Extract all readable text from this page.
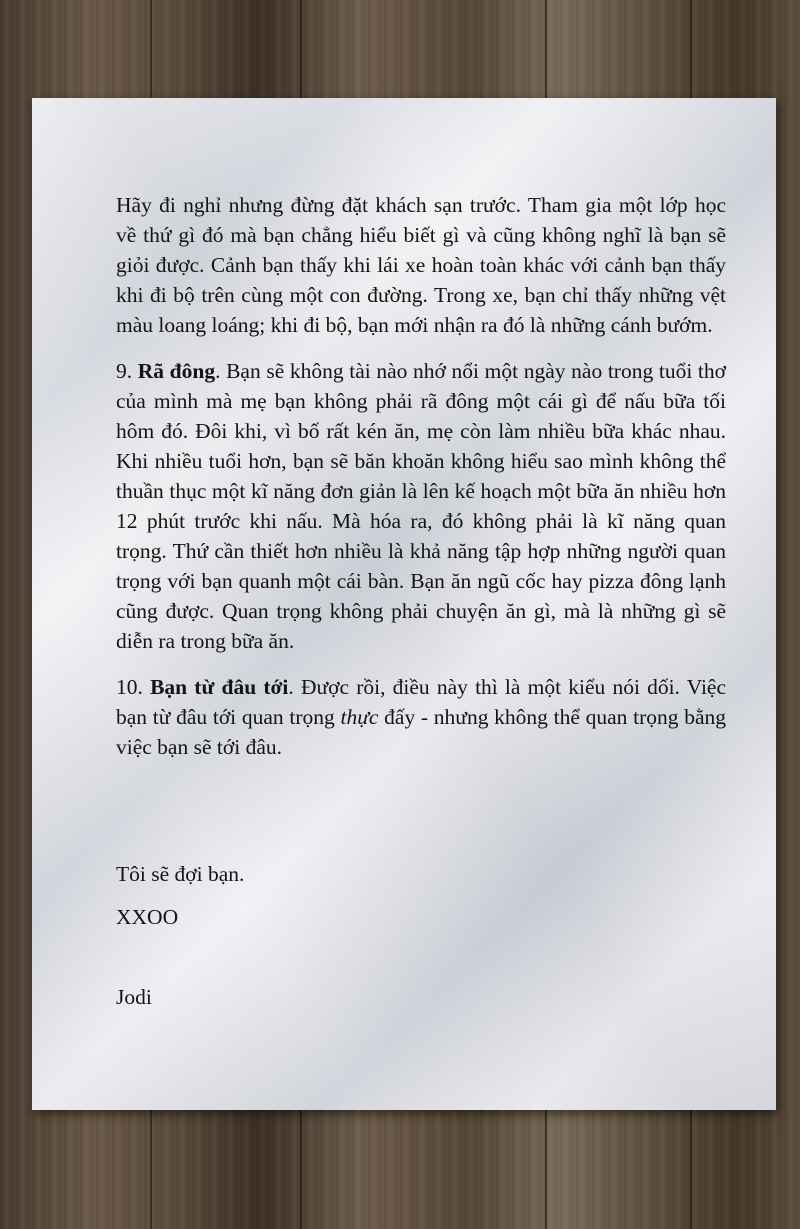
Hãy đi nghỉ nhưng đừng đặt khách sạn trước. Tham gia một lớp học về thứ gì đó mà bạn chẳng hiểu biết gì và cũng không nghĩ là bạn sẽ giỏi được. Cảnh bạn thấy khi lái xe hoàn toàn khác với cảnh bạn thấy khi đi bộ trên cùng một con đường. Trong xe, bạn chỉ thấy những vệt màu loang loáng; khi đi bộ, bạn mới nhận ra đó là những cánh bướm.

9. Rã đông. Bạn sẽ không tài nào nhớ nổi một ngày nào trong tuổi thơ của mình mà mẹ bạn không phải rã đông một cái gì để nấu bữa tối hôm đó. Đôi khi, vì bố rất kén ăn, mẹ còn làm nhiều bữa khác nhau. Khi nhiều tuổi hơn, bạn sẽ băn khoăn không hiểu sao mình không thể thuần thục một kĩ năng đơn giản là lên kế hoạch một bữa ăn nhiều hơn 12 phút trước khi nấu. Mà hóa ra, đó không phải là kĩ năng quan trọng. Thứ cần thiết hơn nhiều là khả năng tập hợp những người quan trọng với bạn quanh một cái bàn. Bạn ăn ngũ cốc hay pizza đông lạnh cũng được. Quan trọng không phải chuyện ăn gì, mà là những gì sẽ diễn ra trong bữa ăn.

10. Bạn từ đâu tới. Được rồi, điều này thì là một kiểu nói dối. Việc bạn từ đâu tới quan trọng thực đấy - nhưng không thể quan trọng bằng việc bạn sẽ tới đâu.

Tôi sẽ đợi bạn.
XXOO
Jodi
